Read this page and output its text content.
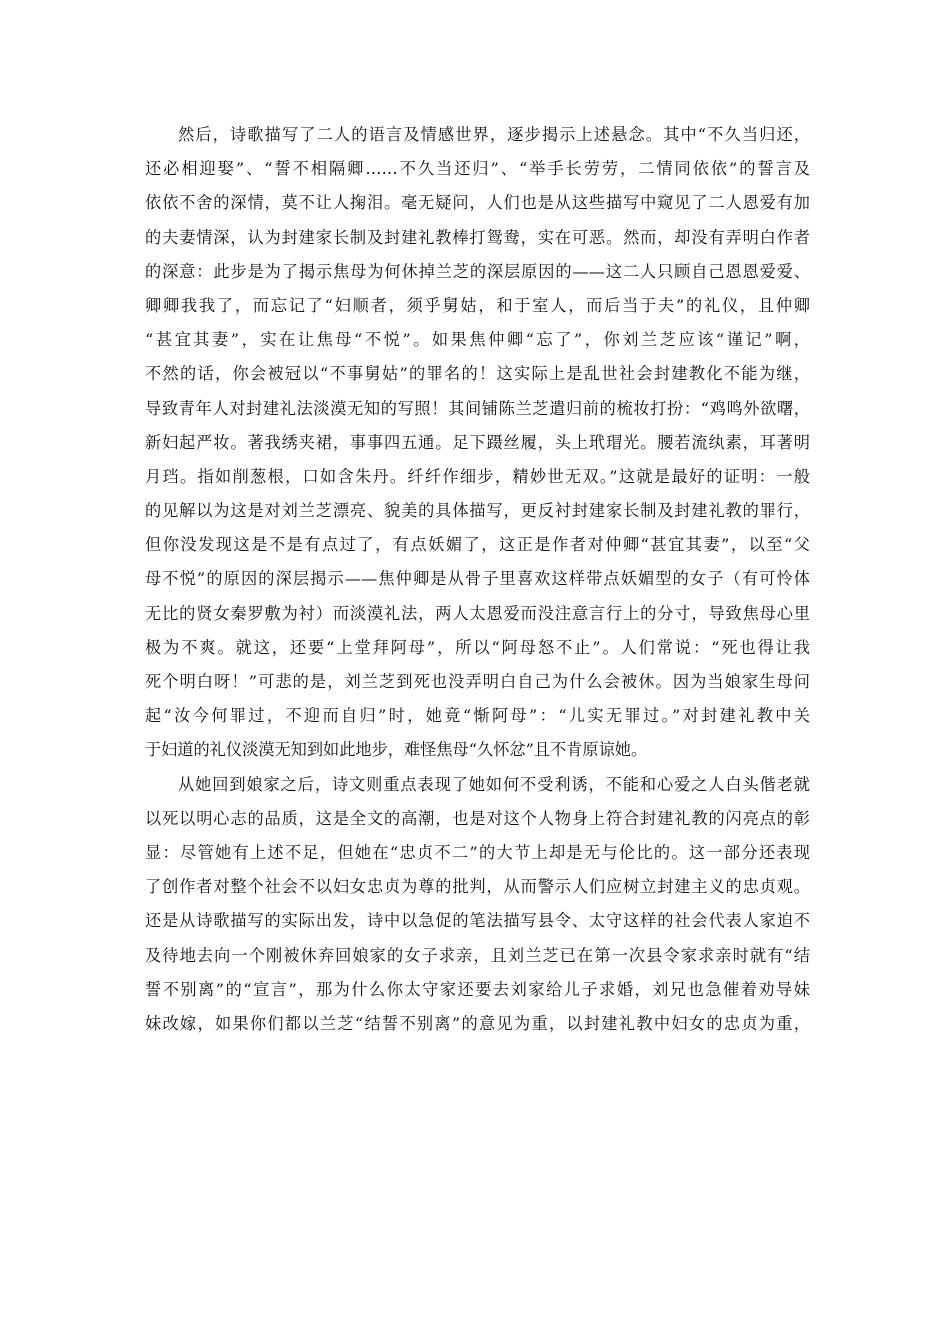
然后，诗歌描写了二人的语言及情感世界，逐步揭示上述悬念。其中“不久当归还，
还必相迎娶”、“誓不相隔卿……不久当还归”、“举手长劳劳，二情同依依”的誓言及
依依不舍的深情，莫不让人掬泪。毫无疑问，人们也是从这些描写中窥见了二人恩爱有加
的夫妻情深，认为封建家长制及封建礼教棒打鸳鸯，实在可恶。然而，却没有弄明白作者
的深意：此步是为了揭示焦母为何休掉兰芝的深层原因的——这二人只顾自己恩恩爱爱、
卿卿我我了，而忘记了“妇顺者，须乎舅姑，和于室人，而后当于夫”的礼仪，且仲卿
“甚宜其妻”，实在让焦母“不悦”。如果焦仲卿“忘了”，你刘兰芝应该“谨记”啊，
不然的话，你会被冠以“不事舅姑”的罪名的！这实际上是乱世社会封建教化不能为继，
导致青年人对封建礼法淡漠无知的写照！其间铺陈兰芝遣归前的梳妆打扮：“鸡鸣外欲曙，
新妇起严妆。著我绣夹裙，事事四五通。足下蹑丝履，头上玳瑁光。腰若流纨素，耳著明
月珰。指如削葱根，口如含朱丹。纤纤作细步，精妙世无双。”这就是最好的证明：一般
的见解以为这是对刘兰芝漂亮、貌美的具体描写，更反衬封建家长制及封建礼教的罪行，
但你没发现这是不是有点过了，有点妖媚了，这正是作者对仲卿“甚宜其妻”，以至“父
母不悦”的原因的深层揭示——焦仲卿是从骨子里喜欢这样带点妖媚型的女子（有可怜体
无比的贤女秦罗敷为衬）而淡漠礼法，两人太恩爱而没注意言行上的分寸，导致焦母心里
极为不爽。就这，还要“上堂拜阿母”，所以“阿母怒不止”。人们常说：“死也得让我
死个明白呀！”可悲的是，刘兰芝到死也没弄明白自己为什么会被休。因为当娘家生母问
起“汝今何罪过，不迎而自归”时，她竟“惭阿母”：“儿实无罪过。”对封建礼教中关
于妇道的礼仪淡漠无知到如此地步，难怪焦母“久怀忿”且不肯原谅她。
从她回到娘家之后，诗文则重点表现了她如何不受利诱，不能和心爱之人白头偕老就
以死以明心志的品质，这是全文的高潮，也是对这个人物身上符合封建礼教的闪亮点的彰
显：尽管她有上述不足，但她在“忠贞不二”的大节上却是无与伦比的。这一部分还表现
了创作者对整个社会不以妇女忠贞为尊的批判，从而警示人们应树立封建主义的忠贞观。
还是从诗歌描写的实际出发，诗中以急促的笔法描写县令、太守这样的社会代表人家迫不
及待地去向一个刚被休弃回娘家的女子求亲，且刘兰芝已在第一次县令家求亲时就有“结
誓不别离”的“宣言”，那为什么你太守家还要去刘家给儿子求婚，刘兄也急催着劝导妹
妹改嫁，如果你们都以兰芝“结誓不别离”的意见为重，以封建礼教中妇女的忠贞为重，
